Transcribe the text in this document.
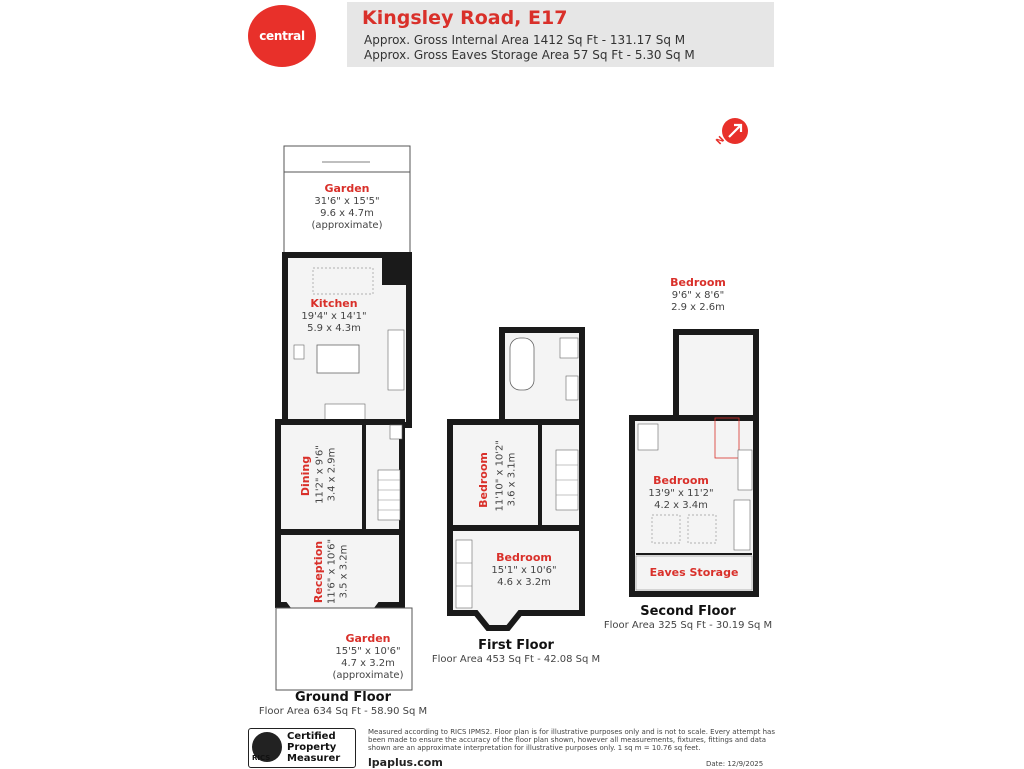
central
Kingsley Road, E17
Approx. Gross Internal Area 1412 Sq Ft - 131.17 Sq M
Approx. Gross Eaves Storage Area 57 Sq Ft - 5.30 Sq M
N
Garden
31'6" x 15'5"
9.6 x 4.7m
(approximate)
Kitchen
19'4" x 14'1"
5.9 x 4.3m
Dining 11'2" x 9'6" 3.4 x 2.9m
Reception 11'6" x 10'6" 3.5 x 3.2m
Garden
15'5" x 10'6"
4.7 x 3.2m
(approximate)
Bedroom 11'10" x 10'2" 3.6 x 3.1m
Bedroom
15'1" x 10'6"
4.6 x 3.2m
Bedroom
9'6" x 8'6"
2.9 x 2.6m
Bedroom
13'9" x 11'2"
4.2 x 3.4m
Eaves Storage
Ground Floor
Floor Area 634 Sq Ft - 58.90 Sq M
First Floor
Floor Area 453 Sq Ft - 42.08 Sq M
Second Floor
Floor Area 325 Sq Ft - 30.19 Sq M
Certified
Property
Measurer
RICS
Measured according to RICS IPMS2. Floor plan is for illustrative purposes only and is not to scale. Every attempt has been made to ensure the accuracy of the floor plan shown, however all measurements, fixtures, fittings and data shown are an approximate interpretation for illustrative purposes only. 1 sq m = 10.76 sq feet.
lpaplus.com	Date: 12/9/2025
